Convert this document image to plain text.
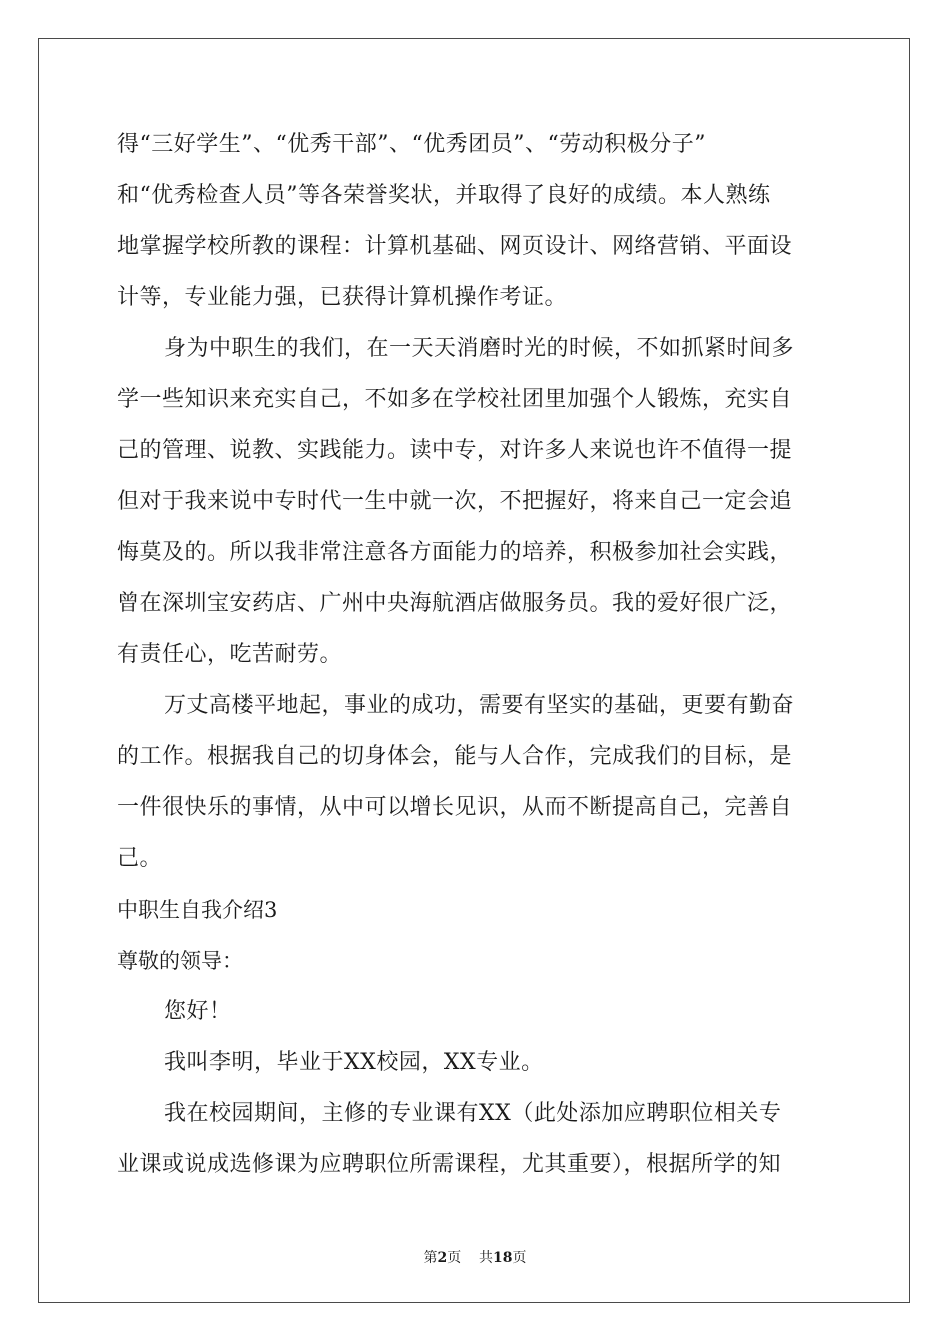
得“三好学生”、“优秀干部”、“优秀团员”、“劳动积极分子”
和“优秀检查人员”等各荣誉奖状，并取得了良好的成绩。本人熟练
地掌握学校所教的课程：计算机基础、网页设计、网络营销、平面设
计等，专业能力强，已获得计算机操作考证。
身为中职生的我们，在一天天消磨时光的时候，不如抓紧时间多
学一些知识来充实自己，不如多在学校社团里加强个人锻炼，充实自
己的管理、说教、实践能力。读中专，对许多人来说也许不值得一提
但对于我来说中专时代一生中就一次，不把握好，将来自己一定会追
悔莫及的。所以我非常注意各方面能力的培养，积极参加社会实践，
曾在深圳宝安药店、广州中央海航酒店做服务员。我的爱好很广泛，
有责任心，吃苦耐劳。
万丈高楼平地起，事业的成功，需要有坚实的基础，更要有勤奋
的工作。根据我自己的切身体会，能与人合作，完成我们的目标，是
一件很快乐的事情，从中可以增长见识，从而不断提高自己，完善自
己。
中职生自我介绍3
尊敬的领导：
您好！
我叫李明，毕业于XX校园，XX专业。
我在校园期间，主修的专业课有XX（此处添加应聘职位相关专
业课或说成选修课为应聘职位所需课程，尤其重要），根据所学的知
第2页 共18页
